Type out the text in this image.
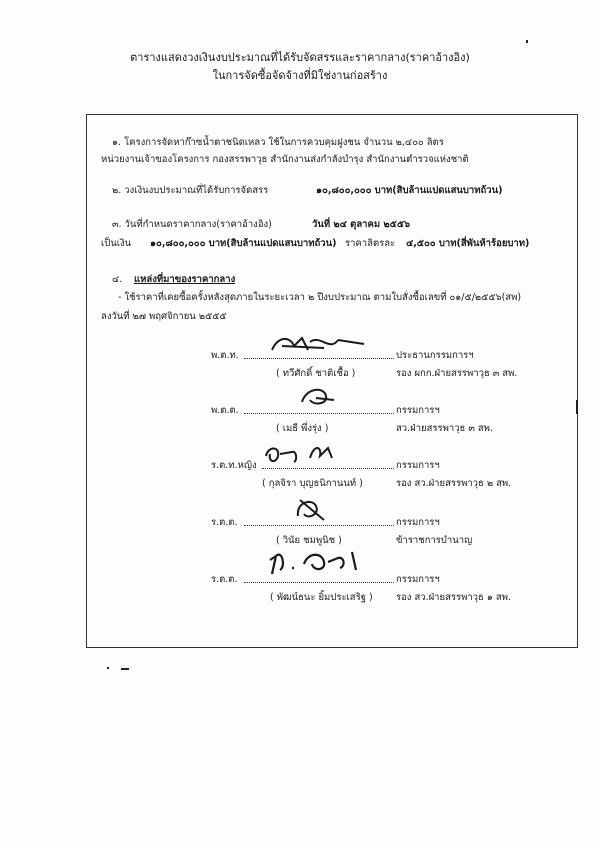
ตารางแสดงวงเงินงบประมาณที่ได้รับจัดสรรและราคากลาง(ราคาอ้างอิง)
ในการจัดซื้อจัดจ้างที่มิใช่งานก่อสร้าง
๑. โครงการจัดหาก๊าซน้ำตาชนิดเหลว ใช้ในการควบคุมฝูงชน จำนวน ๒,๔๐๐ ลิตร
หน่วยงานเจ้าของโครงการ กองสรรพาวุธ สำนักงานส่งกำลังบำรุง สำนักงานตำรวจแห่งชาติ
๒. วงเงินงบประมาณที่ได้รับการจัดสรร	๑๐,๘๐๐,๐๐๐ บาท(สิบล้านแปดแสนบาทถ้วน)
๓. วันที่กำหนดราคากลาง(ราคาอ้างอิง)	วันที่ ๒๔ ตุลาคม ๒๕๕๖
เป็นเงิน ๑๐,๘๐๐,๐๐๐ บาท(สิบล้านแปดแสนบาทถ้วน) ราคาลิตรละ ๔,๕๐๐ บาท(สี่พันห้าร้อยบาท)
๔. แหล่งที่มาของราคากลาง
- ใช้ราคาที่เคยซื้อครั้งหลังสุดภายในระยะเวลา ๒ ปีงบประมาณ ตามใบสั่งซื้อเลขที่ ๐๑/๕/๒๕๕๖(สพ)
ลงวันที่ ๒๗ พฤศจิกายน ๒๕๕๕
พ.ต.ท.	ประธานกรรมการฯ
( ทวีศักดิ์ ชาติเชื้อ )	รอง ผกก.ฝ่ายสรรพาวุธ ๓ สพ.
พ.ต.ต.	กรรมการฯ
( เมธี พึ่งรุ่ง )	สว.ฝ่ายสรรพาวุธ ๓ สพ.
ร.ต.ท.หญิง	กรรมการฯ
( กุลจิรา บุญธนิกานนท์ )	รอง สว.ฝ่ายสรรพาวุธ ๒ สพ.
ร.ต.ต.	กรรมการฯ
( วินัย ชมพูนิช )	ข้าราชการบำนาญ
ร.ต.ต.	กรรมการฯ
( พัฒน์ธนะ ยิ้มประเสริฐ ) รอง สว.ฝ่ายสรรพาวุธ ๑ สพ.
